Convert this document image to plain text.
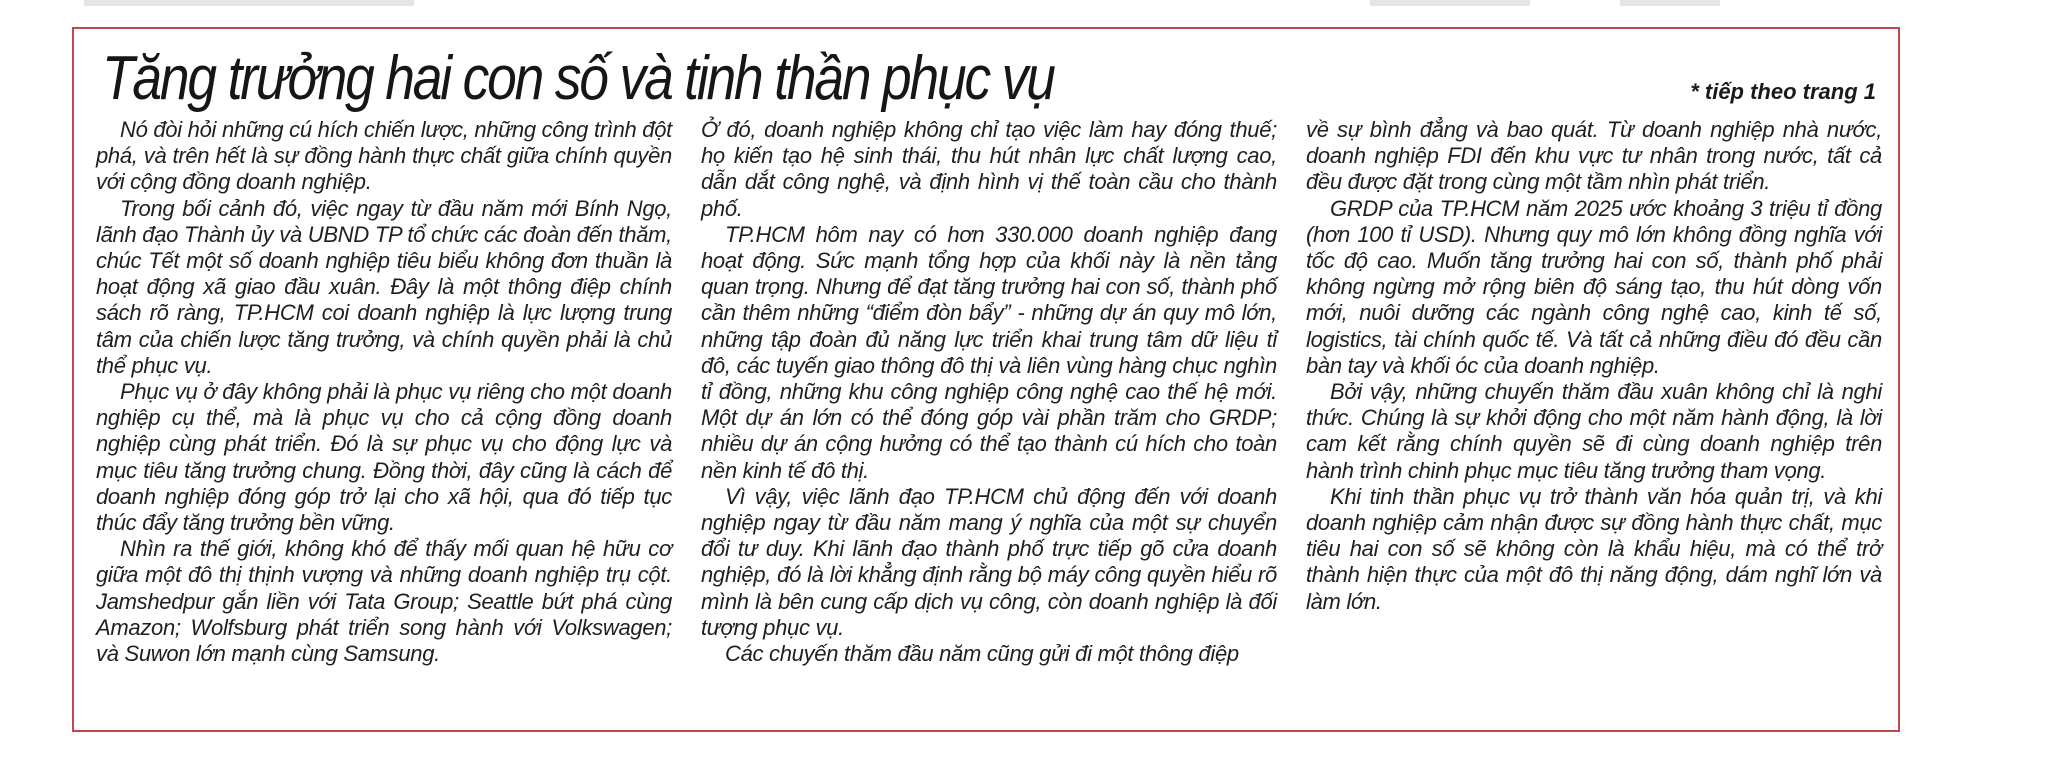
Tăng trưởng hai con số và tinh thần phục vụ	* tiếp theo trang 1

Nó đòi hỏi những cú hích chiến lược, những công trình đột phá, và trên hết là sự đồng hành thực chất giữa chính quyền với cộng đồng doanh nghiệp.

Trong bối cảnh đó, việc ngay từ đầu năm mới Bính Ngọ, lãnh đạo Thành ủy và UBND TP tổ chức các đoàn đến thăm, chúc Tết một số doanh nghiệp tiêu biểu không đơn thuần là hoạt động xã giao đầu xuân. Đây là một thông điệp chính sách rõ ràng, TP.HCM coi doanh nghiệp là lực lượng trung tâm của chiến lược tăng trưởng, và chính quyền phải là chủ thể phục vụ.

Phục vụ ở đây không phải là phục vụ riêng cho một doanh nghiệp cụ thể, mà là phục vụ cho cả cộng đồng doanh nghiệp cùng phát triển. Đó là sự phục vụ cho động lực và mục tiêu tăng trưởng chung. Đồng thời, đây cũng là cách để doanh nghiệp đóng góp trở lại cho xã hội, qua đó tiếp tục thúc đẩy tăng trưởng bền vững.

Nhìn ra thế giới, không khó để thấy mối quan hệ hữu cơ giữa một đô thị thịnh vượng và những doanh nghiệp trụ cột. Jamshedpur gắn liền với Tata Group; Seattle bứt phá cùng Amazon; Wolfsburg phát triển song hành với Volkswagen; và Suwon lớn mạnh cùng Samsung.

Ở đó, doanh nghiệp không chỉ tạo việc làm hay đóng thuế; họ kiến tạo hệ sinh thái, thu hút nhân lực chất lượng cao, dẫn dắt công nghệ, và định hình vị thế toàn cầu cho thành phố.

TP.HCM hôm nay có hơn 330.000 doanh nghiệp đang hoạt động. Sức mạnh tổng hợp của khối này là nền tảng quan trọng. Nhưng để đạt tăng trưởng hai con số, thành phố cần thêm những “điểm đòn bẩy” - những dự án quy mô lớn, những tập đoàn đủ năng lực triển khai trung tâm dữ liệu tỉ đô, các tuyến giao thông đô thị và liên vùng hàng chục nghìn tỉ đồng, những khu công nghiệp công nghệ cao thế hệ mới. Một dự án lớn có thể đóng góp vài phần trăm cho GRDP; nhiều dự án cộng hưởng có thể tạo thành cú hích cho toàn nền kinh tế đô thị.

Vì vậy, việc lãnh đạo TP.HCM chủ động đến với doanh nghiệp ngay từ đầu năm mang ý nghĩa của một sự chuyển đổi tư duy. Khi lãnh đạo thành phố trực tiếp gõ cửa doanh nghiệp, đó là lời khẳng định rằng bộ máy công quyền hiểu rõ mình là bên cung cấp dịch vụ công, còn doanh nghiệp là đối tượng phục vụ.

Các chuyến thăm đầu năm cũng gửi đi một thông điệp

về sự bình đẳng và bao quát. Từ doanh nghiệp nhà nước, doanh nghiệp FDI đến khu vực tư nhân trong nước, tất cả đều được đặt trong cùng một tầm nhìn phát triển.

GRDP của TP.HCM năm 2025 ước khoảng 3 triệu tỉ đồng (hơn 100 tỉ USD). Nhưng quy mô lớn không đồng nghĩa với tốc độ cao. Muốn tăng trưởng hai con số, thành phố phải không ngừng mở rộng biên độ sáng tạo, thu hút dòng vốn mới, nuôi dưỡng các ngành công nghệ cao, kinh tế số, logistics, tài chính quốc tế. Và tất cả những điều đó đều cần bàn tay và khối óc của doanh nghiệp.

Bởi vậy, những chuyến thăm đầu xuân không chỉ là nghi thức. Chúng là sự khởi động cho một năm hành động, là lời cam kết rằng chính quyền sẽ đi cùng doanh nghiệp trên hành trình chinh phục mục tiêu tăng trưởng tham vọng.

Khi tinh thần phục vụ trở thành văn hóa quản trị, và khi doanh nghiệp cảm nhận được sự đồng hành thực chất, mục tiêu hai con số sẽ không còn là khẩu hiệu, mà có thể trở thành hiện thực của một đô thị năng động, dám nghĩ lớn và làm lớn.
